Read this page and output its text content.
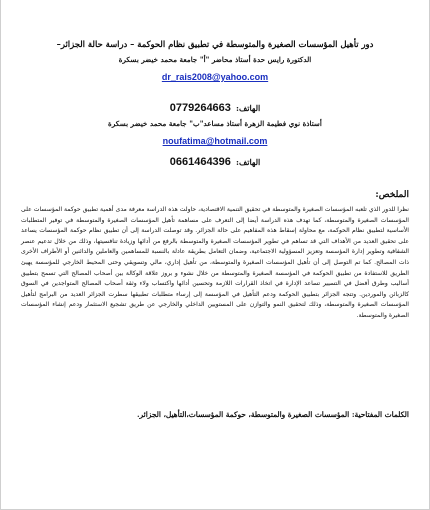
دور تأهيل المؤسسات الصغيرة والمتوسطة في تطبيق نظام الحوكمة – دراسة حالة الجزائر–
الدكتورة رايس حدة أستاذ محاضر "أ" جامعة محمد خيضر بسكرة
dr_rais2008@yahoo.com
الهاتف: 0779264663
أستاذة نوي فطيمة الزهرة أستاذ مساعد"ب" جامعة محمد خيضر بسكرة
noufatima@hotmail.com
الهاتف: 0661464396
الملخص:
نظرا للدور الذي تلعبه المؤسسات الصغيرة والمتوسطة في تحقيق التنمية الاقتصادية، حاولت هذه الدراسة معرفة مدى أهمية تطبيق حوكمة المؤسسات على المؤسسات الصغيرة والمتوسطة، كما تهدف هذه الدراسة أيضا إلى التعرف على مساهمة تأهيل المؤسسات الصغيرة والمتوسطة في توفير المتطلبات الأساسية لتطبيق نظام الحوكمة، مع محاولة إسقاط هذه المفاهيم على حالة الجزائر. وقد توصلت الدراسة إلى أن تطبيق نظام حوكمة المؤسسات يساعد على تحقيق العديد من الأهداف التي قد تساهم في تطوير المؤسسات الصغيرة والمتوسطة بالرفع من أدائها وزيادة تنافسيتها، وذلك من خلال تدعيم عنصر الشفافية وتطوير إدارة المؤسسة وتعزيز المسؤولية الاجتماعية، وضمان التعامل بطريقة عادلة بالنسبة للمساهمين والعاملين والدائنين أو الأطراف الأخرى ذات المصالح. كما تم التوصل إلى أن تأهيل المؤسسات الصغيرة والمتوسطة، من تأهيل إداري، مالي وتسويقي وحتى المحيط الخارجي للمؤسسة يهيئ الطريق للاستفادة من تطبيق الحوكمة في المؤسسة الصغيرة والمتوسطة من خلال نشوء و بروز علاقة الوكالة بين أصحاب المصالح التي تسمح بتطبيق أساليب وطرق أفضل في التسيير تساعد الإدارة في اتخاذ القرارات اللازمة وتحسين أدائها واكتساب ولاء وثقة أصحاب المصالح المتواجدين في السوق كالزبائن والموردين. وتتجه الجزائر بتطبيق الحوكمة ودعم التأهيل في المؤسسة إلى إرساء متطلبات تطبيقها سطرت الجزائر العديد من البرامج لتأهيل المؤسسات الصغيرة والمتوسطة، وذلك لتحقيق النمو والتوازن على المستويين الداخلي والخارجي عن طريق تشجيع الاستثمار ودعم إنشاء المؤسسات الصغيرة والمتوسطة.
الكلمات المفتاحية: المؤسسات الصغيرة والمتوسطة، حوكمة المؤسسات،التأهيل، الجزائر.
